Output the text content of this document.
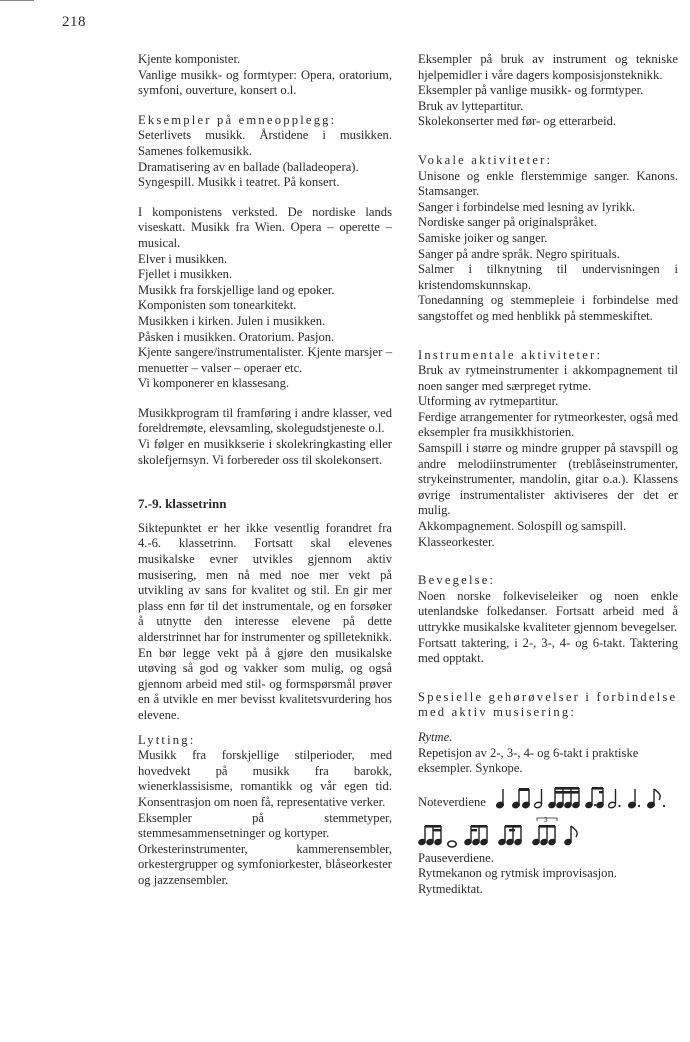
218

Kjente komponister.

Vanlige musikk- og formtyper: Opera, oratorium, symfoni, ouverture, konsert o.l.

Eksempler på emneopplegg:

Seterlivets musikk. Årstidene i musikken. Samenes folkemusikk.

Dramatisering av en ballade (balladeopera).

Syngespill. Musikk i teatret. På konsert.

I komponistens verksted. De nordiske lands viseskatt. Musikk fra Wien. Opera – operette – musical.

Elver i musikken.

Fjellet i musikken.

Musikk fra forskjellige land og epoker.

Komponisten som tonearkitekt.

Musikken i kirken. Julen i musikken.

Påsken i musikken. Oratorium. Pasjon.

Kjente sangere/instrumentalister. Kjente marsjer – menuetter – valser – operaer etc.

Vi komponerer en klassesang.

Musikkprogram til framføring i andre klasser, ved foreldremøte, elevsamling, skolegudstjeneste o.l.

Vi følger en musikkserie i skolekringkasting eller skolefjernsyn. Vi forbereder oss til skolekonsert.

7.-9. klassetrinn

Siktepunktet er her ikke vesentlig forandret fra 4.-6. klassetrinn. Fortsatt skal elevenes musikalske evner utvikles gjennom aktiv musisering, men nå med noe mer vekt på utvikling av sans for kvalitet og stil. En gir mer plass enn før til det instrumentale, og en forsøker å utnytte den interesse elevene på dette alderstrinnet har for instrumenter og spilleteknikk. En bør legge vekt på å gjøre den musikalske utøving så god og vakker som mulig, og også gjennom arbeid med stil- og formspørsmål prøver en å utvikle en mer bevisst kvalitetsvurdering hos elevene.

Lytting:

Musikk fra forskjellige stilperioder, med hovedvekt på musikk fra barokk, wienerklassisisme, romantikk og vår egen tid. Konsentrasjon om noen få, representative verker.

Eksempler på stemmetyper, stemmesammensetninger og kortyper.

Orkesterinstrumenter, kammerensembler, orkestergrupper og symfoniorkester, blåseorkester og jazzensembler.

Eksempler på bruk av instrument og tekniske hjelpemidler i våre dagers komposisjonsteknikk.

Eksempler på vanlige musikk- og formtyper.

Bruk av lyttepartitur.

Skolekonserter med før- og etterarbeid.

Vokale aktiviteter:

Unisone og enkle flerstemmige sanger. Kanons. Stamsanger.

Sanger i forbindelse med lesning av lyrikk.

Nordiske sanger på originalspråket.

Samiske joiker og sanger.

Sanger på andre språk. Negro spirituals.

Salmer i tilknytning til undervisningen i kristendomskunnskap.

Tonedanning og stemmepleie i forbindelse med sangstoffet og med henblikk på stemmeskiftet.

Instrumentale aktiviteter:

Bruk av rytmeinstrumenter i akkompagnement til noen sanger med særpreget rytme.

Utforming av rytmepartitur.

Ferdige arrangementer for rytmeorkester, også med eksempler fra musikkhistorien.

Samspill i større og mindre grupper på stavspill og andre melodiinstrumenter (treblåseinstrumenter, strykeinstrumenter, mandolin, gitar o.a.). Klassens øvrige instrumentalister aktiviseres der det er mulig.

Akkompagnement. Solospill og samspill.

Klasseorkester.

Bevegelse:

Noen norske folkeviseleiker og noen enkle utenlandske folkedanser. Fortsatt arbeid med å uttrykke musikalske kvaliteter gjennom bevegelser.

Fortsatt taktering, i 2-, 3-, 4- og 6-takt. Taktering med opptakt.

Spesielle gehørøvelser i forbindelse med aktiv musisering:

Rytme.

Repetisjon av 2-, 3-, 4- og 6-takt i praktiske eksempler. Synkope.

Noteverdiene
3

Pauseverdiene.

Rytmekanon og rytmisk improvisasjon.

Rytmediktat.
